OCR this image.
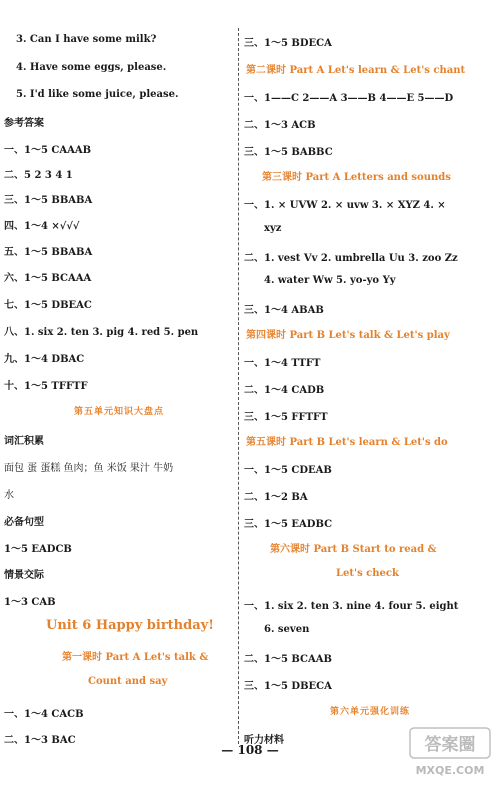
3. Can I have some milk?
4. Have some eggs, please.
5. I'd like some juice, please.
参考答案
一、1～5 CAAAB
二、5 2 3 4 1
三、1～5 BBABA
四、1～4 ×√√√
五、1～5 BBABA
六、1～5 BCAAA
七、1～5 DBEAC
八、1. six 2. ten 3. pig 4. red 5. pen
九、1～4 DBAC
十、1～5 TFFTF
第五单元知识大盘点
词汇积累
面包 蛋 蛋糕 鱼肉；鱼 米饭 果汁 牛奶
水
必备句型
1～5 EADCB
情景交际
1～3 CAB
Unit 6 Happy birthday!
第一课时 Part A Let's talk &
Count and say
一、1～4 CACB
二、1～3 BAC
三、1～5 BDECA
第二课时 Part A Let's learn & Let's chant
一、1——C 2——A 3——B 4——E 5——D
二、1～3 ACB
三、1～5 BABBC
第三课时 Part A Letters and sounds
一、1. × UVW 2. × uvw 3. × XYZ 4. ×
xyz
二、1. vest Vv 2. umbrella Uu 3. zoo Zz
4. water Ww 5. yo-yo Yy
三、1～4 ABAB
第四课时 Part B Let's talk & Let's play
一、1～4 TTFT
二、1～4 CADB
三、1～5 FFTFT
第五课时 Part B Let's learn & Let's do
一、1～5 CDEAB
二、1～2 BA
三、1～5 EADBC
第六课时 Part B Start to read &
Let's check
一、1. six 2. ten 3. nine 4. four 5. eight
6. seven
二、1～5 BCAAB
三、1～5 DBECA
第六单元强化训练
听力材料
— 108 —	答案圈
MXQE.COM
